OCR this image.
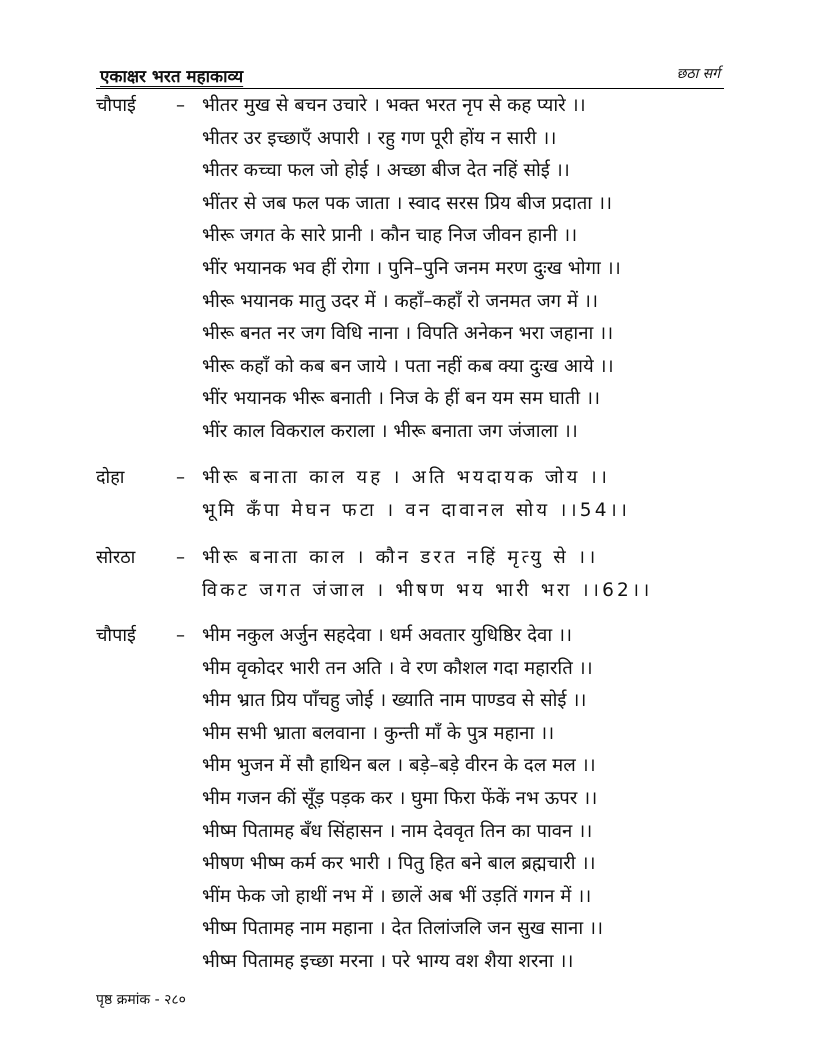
एकाक्षर भरत महाकाव्य	छठा सर्ग
चौपाई – भीतर मुख से बचन उचारे । भक्त भरत नृप से कह प्यारे ।।
भीतर उर इच्छाएँ अपारी । रहु गण पूरी होंय न सारी ।।
भीतर कच्चा फल जो होई । अच्छा बीज देत नहिं सोई ।।
भींतर से जब फल पक जाता । स्वाद सरस प्रिय बीज प्रदाता ।।
भीरू जगत के सारे प्रानी । कौन चाह निज जीवन हानी ।।
भींर भयानक भव हीं रोगा । पुनि–पुनि जनम मरण दुःख भोगा ।।
भीरू भयानक मातु उदर में । कहाँ–कहाँ रो जनमत जग में ।।
भीरू बनत नर जग विधि नाना । विपति अनेकन भरा जहाना ।।
भीरू कहाँ को कब बन जाये । पता नहीं कब क्या दुःख आये ।।
भींर भयानक भीरू बनाती । निज के हीं बन यम सम घाती ।।
भींर काल विकराल कराला । भीरू बनाता जग जंजाला ।।
दोहा	– भीरू बनाता काल यह । अति भयदायक जोय ।।
भूमि कँपा मेघन फटा । वन दावानल सोय ।।54।।
सोरठा – भीरू बनाता काल । कौन डरत नहिं मृत्यु से ।।
विकट जगत जंजाल । भीषण भय भारी भरा ।।62।।
चौपाई – भीम नकुल अर्जुन सहदेवा । धर्म अवतार युधिष्ठिर देवा ।।
भीम वृकोदर भारी तन अति । वे रण कौशल गदा महारति ।।
भीम भ्रात प्रिय पाँचहु जोई । ख्याति नाम पाण्डव से सोई ।।
भीम सभी भ्राता बलवाना । कुन्ती माँ के पुत्र महाना ।।
भीम भुजन में सौ हाथिन बल । बड़े–बड़े वीरन के दल मल ।।
भीम गजन कीं सूँड़ पड़क कर । घुमा फिरा फेंकें नभ ऊपर ।।
भीष्म पितामह बँध सिंहासन । नाम देववृत तिन का पावन ।।
भीषण भीष्म कर्म कर भारी । पितु हित बने बाल ब्रह्मचारी ।।
भींम फेक जो हाथीं नभ में । छालें अब भीं उड़तिं गगन में ।।
भीष्म पितामह नाम महाना । देत तिलांजलि जन सुख साना ।।
भीष्म पितामह इच्छा मरना । परे भाग्य वश शैया शरना ।।
पृष्ठ क्रमांक - २८०
